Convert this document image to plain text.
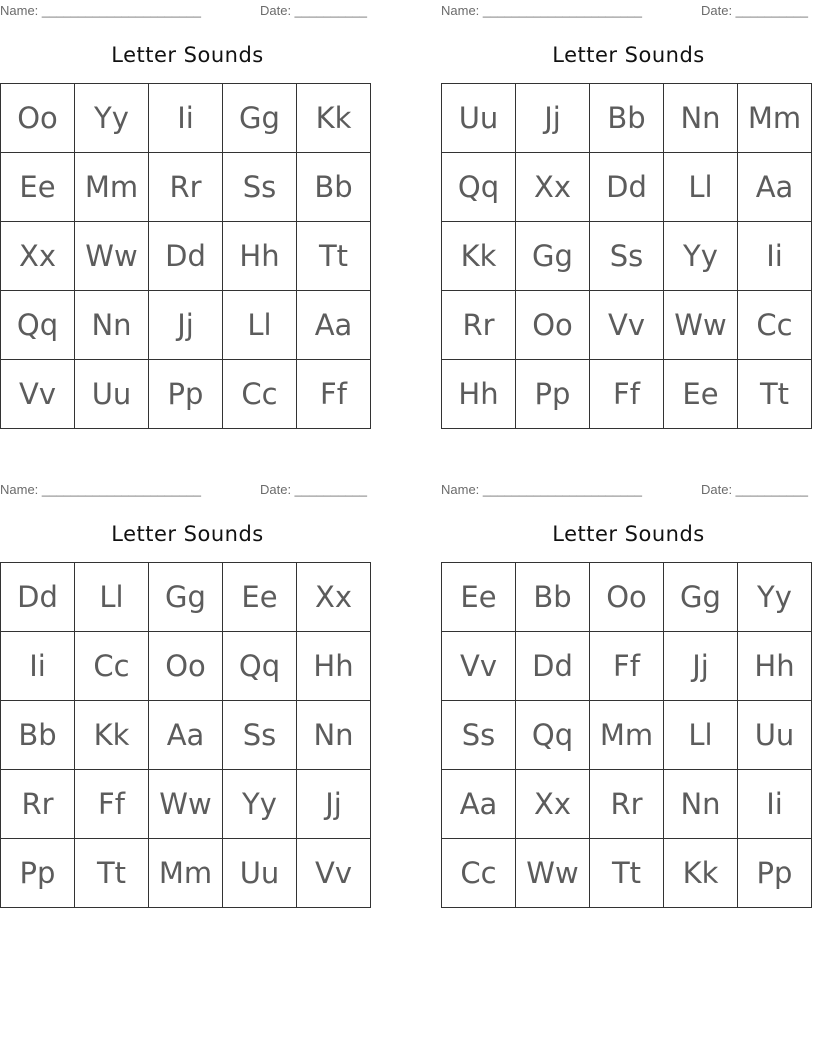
Name: ______________________	Date: __________
Letter Sounds
Oo	Yy	Ii	Gg	Kk
Ee	Mm	Rr	Ss	Bb
Xx	Ww	Dd	Hh	Tt
Qq	Nn	Jj	Ll	Aa
Vv	Uu	Pp	Cc	Ff
Name: ______________________	Date: __________
Letter Sounds
Uu	Jj	Bb	Nn	Mm
Qq	Xx	Dd	Ll	Aa
Kk	Gg	Ss	Yy	Ii
Rr	Oo	Vv	Ww	Cc
Hh	Pp	Ff	Ee	Tt
Name: ______________________	Date: __________
Letter Sounds
Dd	Ll	Gg	Ee	Xx
Ii	Cc	Oo	Qq	Hh
Bb	Kk	Aa	Ss	Nn
Rr	Ff	Ww	Yy	Jj
Pp	Tt	Mm	Uu	Vv
Name: ______________________	Date: __________
Letter Sounds
Ee	Bb	Oo	Gg	Yy
Vv	Dd	Ff	Jj	Hh
Ss	Qq	Mm	Ll	Uu
Aa	Xx	Rr	Nn	Ii
Cc	Ww	Tt	Kk	Pp
